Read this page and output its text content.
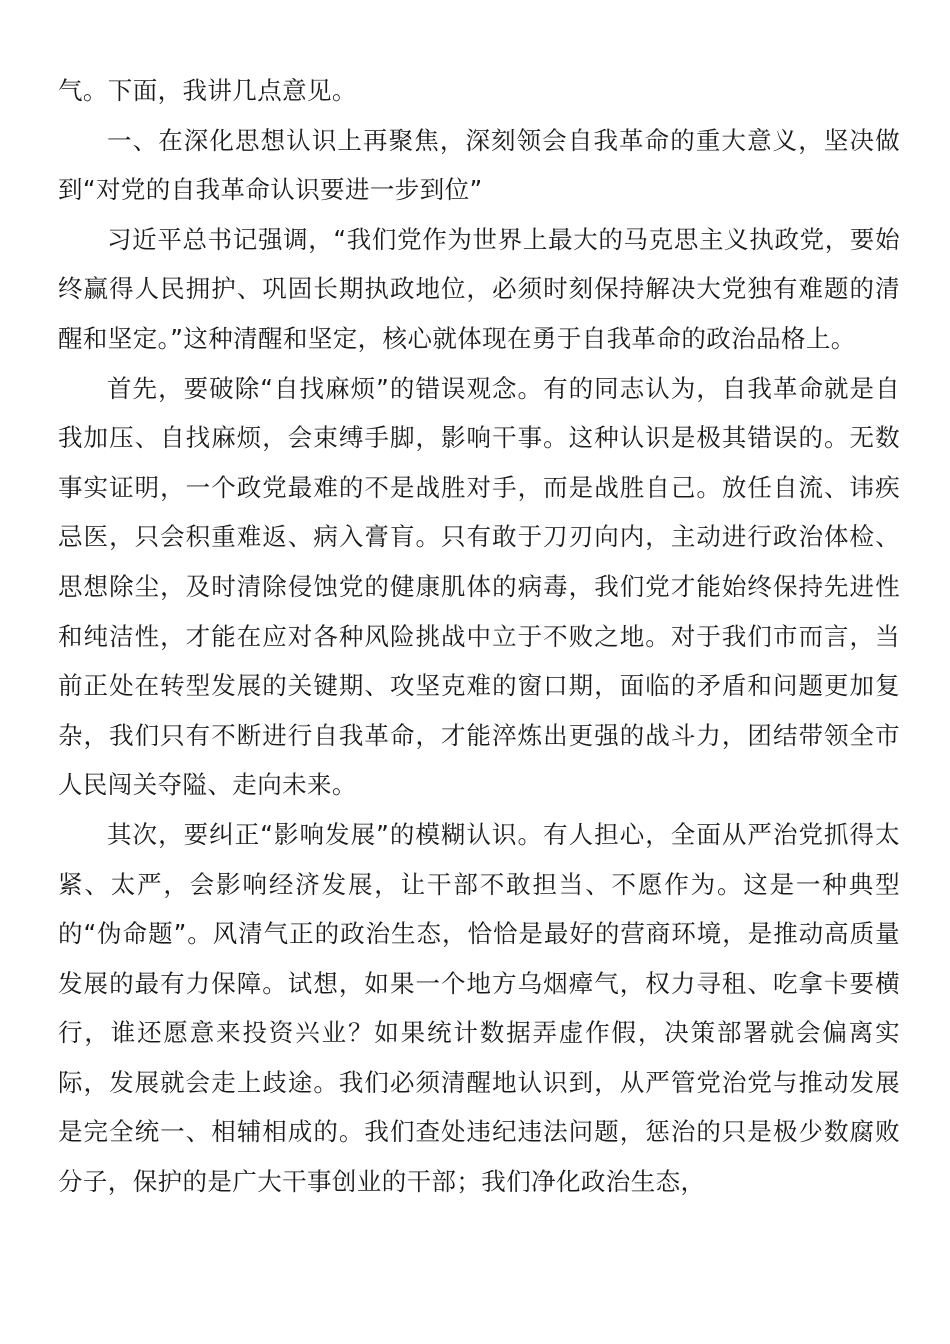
气。下面，我讲几点意见。

一、在深化思想认识上再聚焦，深刻领会自我革命的重大意义，坚决做到“对党的自我革命认识要进一步到位”

习近平总书记强调，“我们党作为世界上最大的马克思主义执政党，要始终赢得人民拥护、巩固长期执政地位，必须时刻保持解决大党独有难题的清醒和坚定。”这种清醒和坚定，核心就体现在勇于自我革命的政治品格上。

首先，要破除“自找麻烦”的错误观念。有的同志认为，自我革命就是自我加压、自找麻烦，会束缚手脚，影响干事。这种认识是极其错误的。无数事实证明，一个政党最难的不是战胜对手，而是战胜自己。放任自流、讳疾忌医，只会积重难返、病入膏肓。只有敢于刀刃向内，主动进行政治体检、思想除尘，及时清除侵蚀党的健康肌体的病毒，我们党才能始终保持先进性和纯洁性，才能在应对各种风险挑战中立于不败之地。对于我们市而言，当前正处在转型发展的关键期、攻坚克难的窗口期，面临的矛盾和问题更加复杂，我们只有不断进行自我革命，才能淬炼出更强的战斗力，团结带领全市人民闯关夺隘、走向未来。

其次，要纠正“影响发展”的模糊认识。有人担心，全面从严治党抓得太紧、太严，会影响经济发展，让干部不敢担当、不愿作为。这是一种典型的“伪命题”。风清气正的政治生态，恰恰是最好的营商环境，是推动高质量发展的最有力保障。试想，如果一个地方乌烟瘴气，权力寻租、吃拿卡要横行，谁还愿意来投资兴业？如果统计数据弄虚作假，决策部署就会偏离实际，发展就会走上歧途。我们必须清醒地认识到，从严管党治党与推动发展是完全统一、相辅相成的。我们查处违纪违法问题，惩治的只是极少数腐败分子，保护的是广大干事创业的干部；我们净化政治生态，
